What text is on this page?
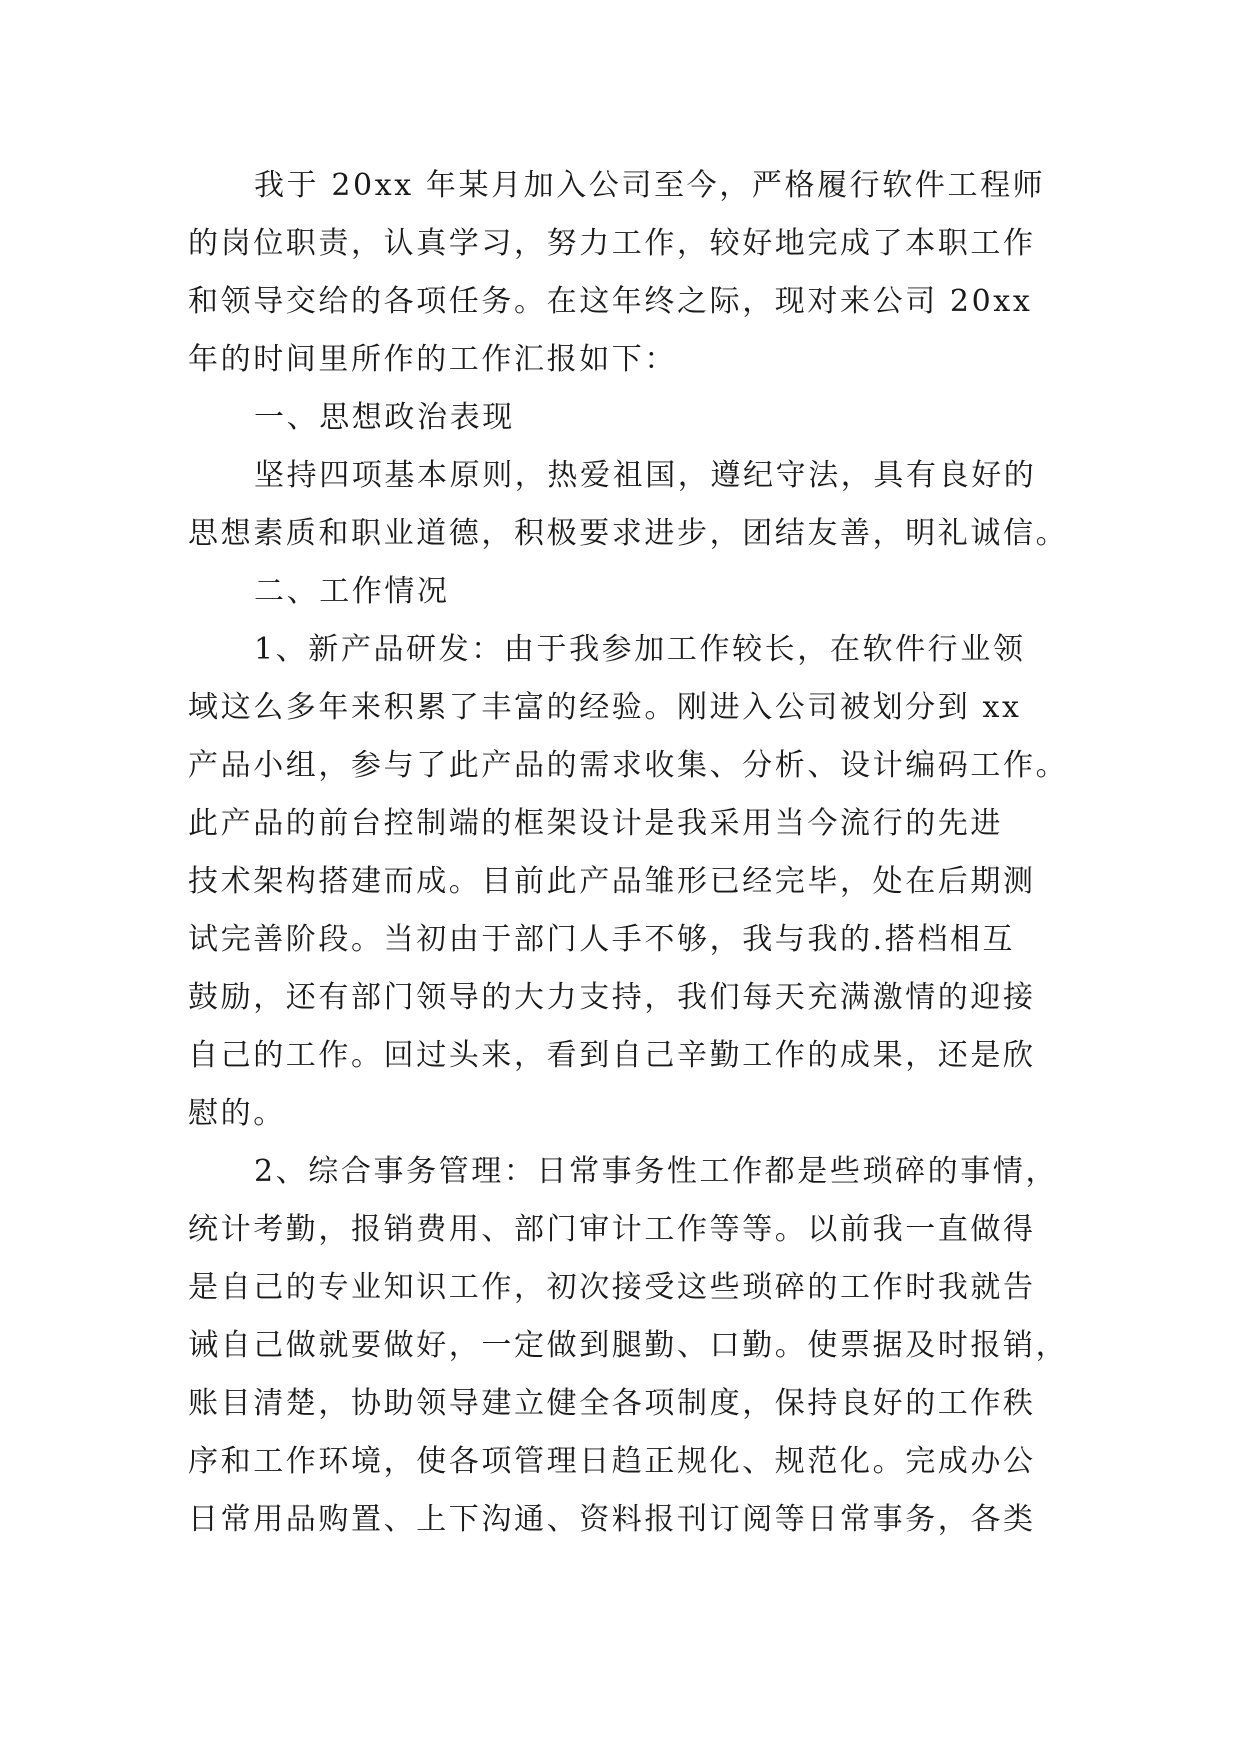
我于 20xx 年某月加入公司至今，严格履行软件工程师
的岗位职责，认真学习，努力工作，较好地完成了本职工作
和领导交给的各项任务。在这年终之际，现对来公司 20xx
年的时间里所作的工作汇报如下：
一、思想政治表现
坚持四项基本原则，热爱祖国，遵纪守法，具有良好的
思想素质和职业道德，积极要求进步，团结友善，明礼诚信。
二、工作情况
1、新产品研发：由于我参加工作较长，在软件行业领
域这么多年来积累了丰富的经验。刚进入公司被划分到 xx
产品小组，参与了此产品的需求收集、分析、设计编码工作。
此产品的前台控制端的框架设计是我采用当今流行的先进
技术架构搭建而成。目前此产品雏形已经完毕，处在后期测
试完善阶段。当初由于部门人手不够，我与我的.搭档相互
鼓励，还有部门领导的大力支持，我们每天充满激情的迎接
自己的工作。回过头来，看到自己辛勤工作的成果，还是欣
慰的。
2、综合事务管理：日常事务性工作都是些琐碎的事情，
统计考勤，报销费用、部门审计工作等等。以前我一直做得
是自己的专业知识工作，初次接受这些琐碎的工作时我就告
诫自己做就要做好，一定做到腿勤、口勤。使票据及时报销，
账目清楚，协助领导建立健全各项制度，保持良好的工作秩
序和工作环境，使各项管理日趋正规化、规范化。完成办公
日常用品购置、上下沟通、资料报刊订阅等日常事务，各类
